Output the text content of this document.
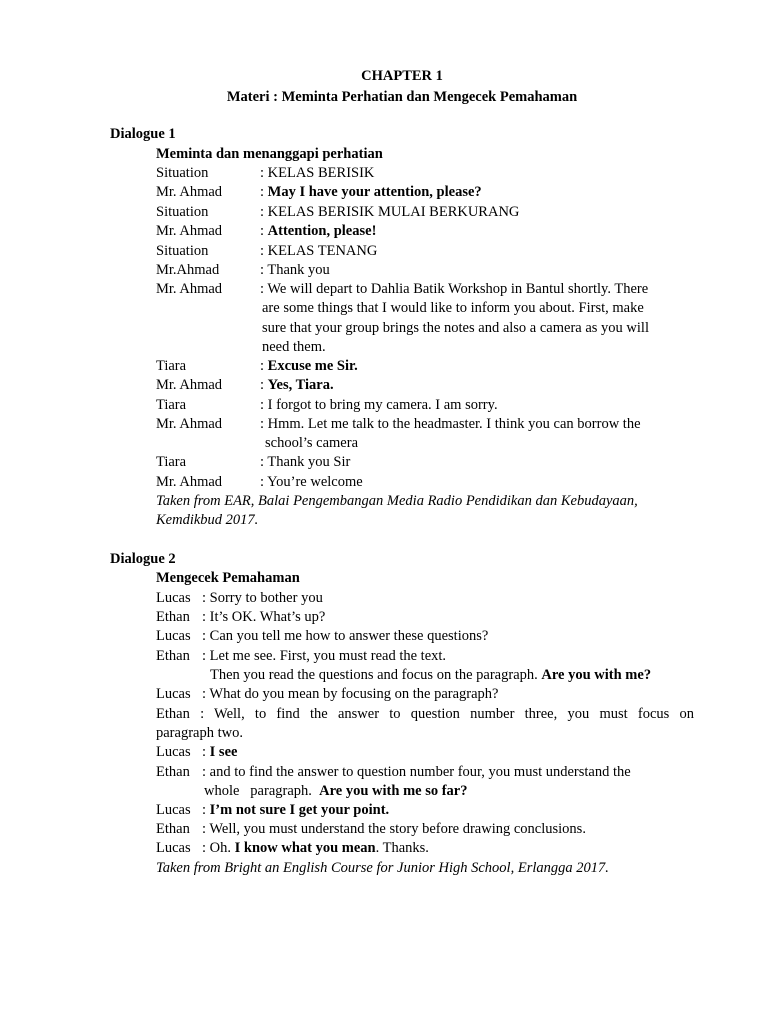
CHAPTER 1
Materi : Meminta Perhatian dan Mengecek Pemahaman
Dialogue 1
Meminta dan menanggapi perhatian
Situation	: KELAS BERISIK
Mr. Ahmad	: May I have your attention, please?
Situation	: KELAS BERISIK MULAI BERKURANG
Mr. Ahmad	: Attention, please!
Situation	: KELAS TENANG
Mr.Ahmad	: Thank you
Mr. Ahmad	: We will depart to Dahlia Batik Workshop in Bantul shortly. There
are some things that I would like to inform you about. First, make
sure that your group brings the notes and also a camera as you will
need them.
Tiara	: Excuse me Sir.
Mr. Ahmad	: Yes, Tiara.
Tiara	: I forgot to bring my camera. I am sorry.
Mr. Ahmad	: Hmm. Let me talk to the headmaster. I think you can borrow the
school’s camera
Tiara	: Thank you Sir
Mr. Ahmad	: You’re welcome
Taken from EAR, Balai Pengembangan Media Radio Pendidikan dan Kebudayaan,
Kemdikbud 2017.
Dialogue 2
Mengecek Pemahaman
Lucas : Sorry to bother you
Ethan : It’s OK. What’s up?
Lucas : Can you tell me how to answer these questions?
Ethan : Let me see. First, you must read the text.
Then you read the questions and focus on the paragraph. Are you with me?
Lucas : What do you mean by focusing on the paragraph?
Ethan : Well, to find the answer to question number three, you must focus on
paragraph two.
Lucas : I see
Ethan : and to find the answer to question number four, you must understand the
whole   paragraph.  Are you with me so far?
Lucas : I’m not sure I get your point.
Ethan : Well, you must understand the story before drawing conclusions.
Lucas : Oh. I know what you mean. Thanks.
Taken from Bright an English Course for Junior High School, Erlangga 2017.
